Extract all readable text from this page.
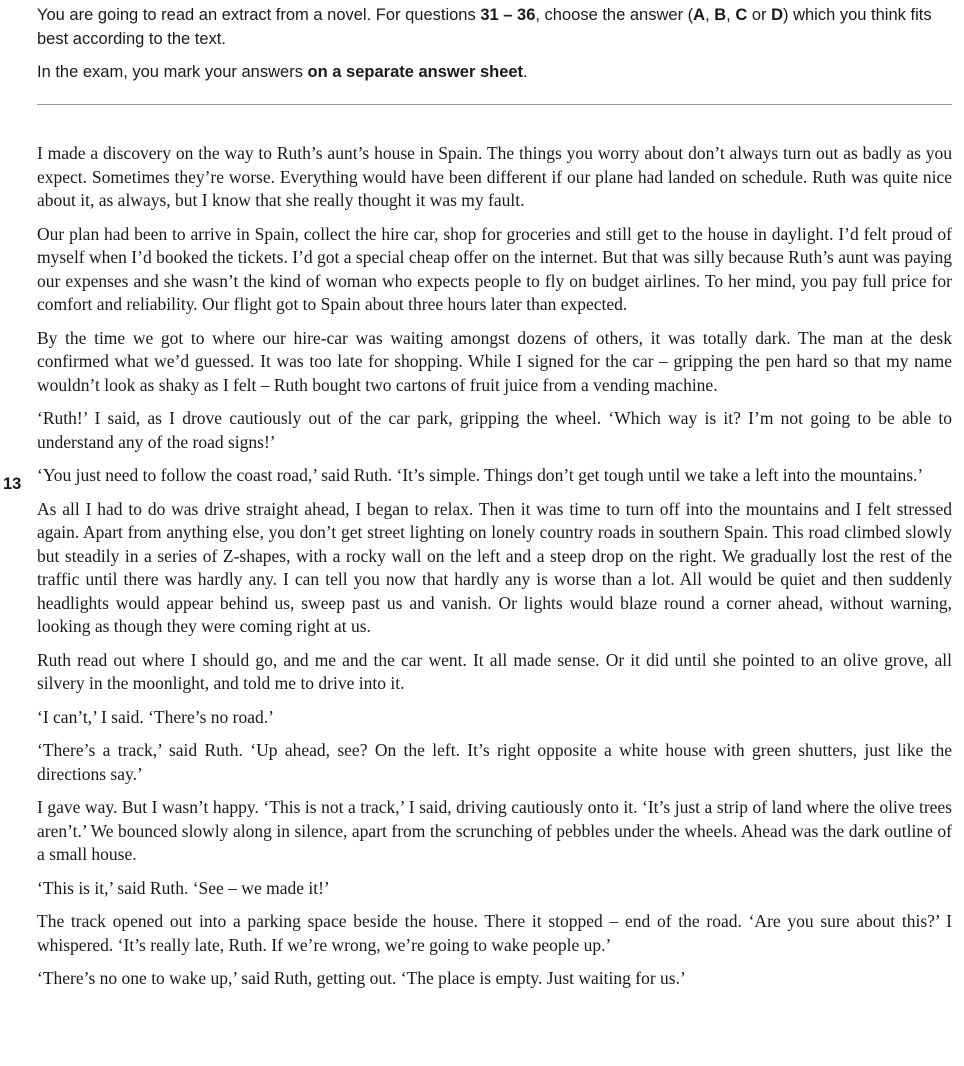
You are going to read an extract from a novel. For questions 31 – 36, choose the answer (A, B, C or D) which you think fits best according to the text.

In the exam, you mark your answers on a separate answer sheet.

13

I made a discovery on the way to Ruth’s aunt’s house in Spain. The things you worry about don’t always turn out as badly as you expect. Sometimes they’re worse. Everything would have been different if our plane had landed on schedule. Ruth was quite nice about it, as always, but I know that she really thought it was my fault.

Our plan had been to arrive in Spain, collect the hire car, shop for groceries and still get to the house in daylight. I’d felt proud of myself when I’d booked the tickets. I’d got a special cheap offer on the internet. But that was silly because Ruth’s aunt was paying our expenses and she wasn’t the kind of woman who expects people to fly on budget airlines. To her mind, you pay full price for comfort and reliability. Our flight got to Spain about three hours later than expected.

By the time we got to where our hire-car was waiting amongst dozens of others, it was totally dark. The man at the desk confirmed what we’d guessed. It was too late for shopping. While I signed for the car – gripping the pen hard so that my name wouldn’t look as shaky as I felt – Ruth bought two cartons of fruit juice from a vending machine.

‘Ruth!’ I said, as I drove cautiously out of the car park, gripping the wheel. ‘Which way is it? I’m not going to be able to understand any of the road signs!’

‘You just need to follow the coast road,’ said Ruth. ‘It’s simple. Things don’t get tough until we take a left into the mountains.’

As all I had to do was drive straight ahead, I began to relax. Then it was time to turn off into the mountains and I felt stressed again. Apart from anything else, you don’t get street lighting on lonely country roads in southern Spain. This road climbed slowly but steadily in a series of Z-shapes, with a rocky wall on the left and a steep drop on the right. We gradually lost the rest of the traffic until there was hardly any. I can tell you now that hardly any is worse than a lot. All would be quiet and then suddenly headlights would appear behind us, sweep past us and vanish. Or lights would blaze round a corner ahead, without warning, looking as though they were coming right at us.

Ruth read out where I should go, and me and the car went. It all made sense. Or it did until she pointed to an olive grove, all silvery in the moonlight, and told me to drive into it.

‘I can’t,’ I said. ‘There’s no road.’

‘There’s a track,’ said Ruth. ‘Up ahead, see? On the left. It’s right opposite a white house with green shutters, just like the directions say.’

I gave way. But I wasn’t happy. ‘This is not a track,’ I said, driving cautiously onto it. ‘It’s just a strip of land where the olive trees aren’t.’ We bounced slowly along in silence, apart from the scrunching of pebbles under the wheels. Ahead was the dark outline of a small house.

‘This is it,’ said Ruth. ‘See – we made it!’

The track opened out into a parking space beside the house. There it stopped – end of the road. ‘Are you sure about this?’ I whispered. ‘It’s really late, Ruth. If we’re wrong, we’re going to wake people up.’

‘There’s no one to wake up,’ said Ruth, getting out. ‘The place is empty. Just waiting for us.’
